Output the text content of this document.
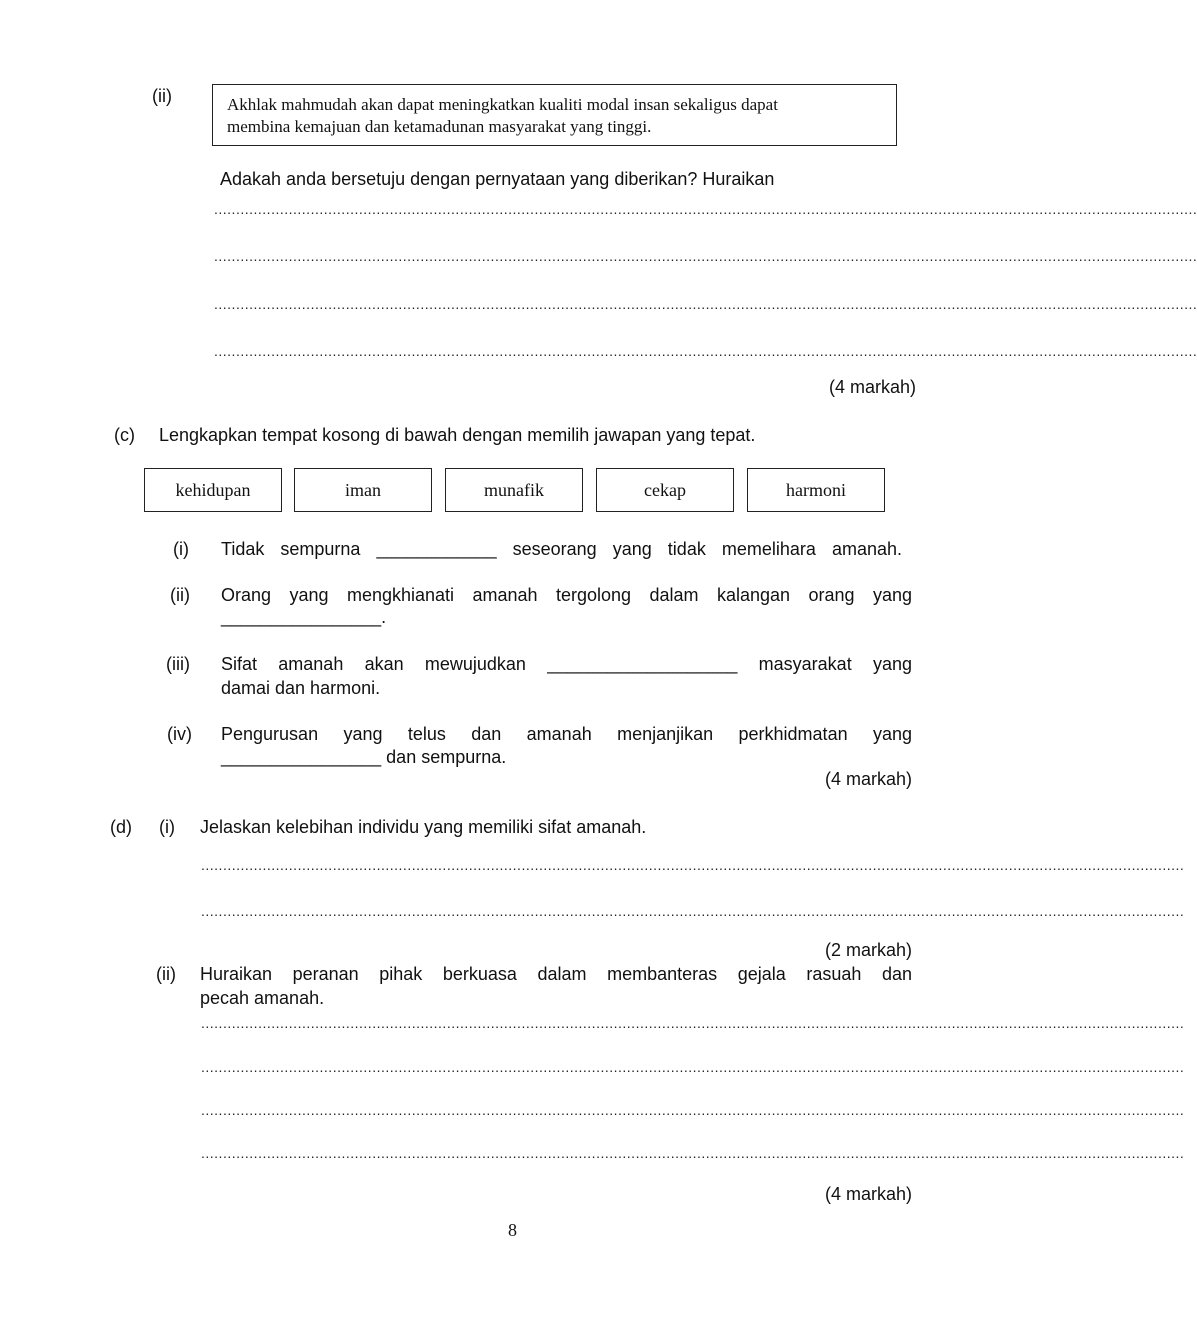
(ii)	Akhlak mahmudah akan dapat meningkatkan kualiti modal insan sekaligus dapat
membina kemajuan dan ketamadunan masyarakat yang tinggi.
Adakah anda bersetuju dengan pernyataan yang diberikan? Huraikan
................................................................................................................................................................................................................................
................................................................................................................................................................................................................................
................................................................................................................................................................................................................................
................................................................................................................................................................................................................................
(4 markah)
(c) Lengkapkan tempat kosong di bawah dengan memilih jawapan yang tepat.
kehidupan	iman	munafik	cekap	harmoni
(i) Tidak sempurna ____________ seseorang yang tidak memelihara amanah.
(ii) Orang yang mengkhianati amanah tergolong dalam kalangan orang yang
________________.
(iii) Sifat amanah akan mewujudkan ___________________ masyarakat yang
damai dan harmoni.
(iv) Pengurusan yang telus dan amanah menjanjikan perkhidmatan yang
________________ dan sempurna.
(4 markah)
(d) (i) Jelaskan kelebihan individu yang memiliki sifat amanah.
................................................................................................................................................................................................................................
................................................................................................................................................................................................................................
(2 markah)
(ii) Huraikan peranan pihak berkuasa dalam membanteras gejala rasuah dan
pecah amanah.
................................................................................................................................................................................................................................
................................................................................................................................................................................................................................
................................................................................................................................................................................................................................
................................................................................................................................................................................................................................
(4 markah)
8
